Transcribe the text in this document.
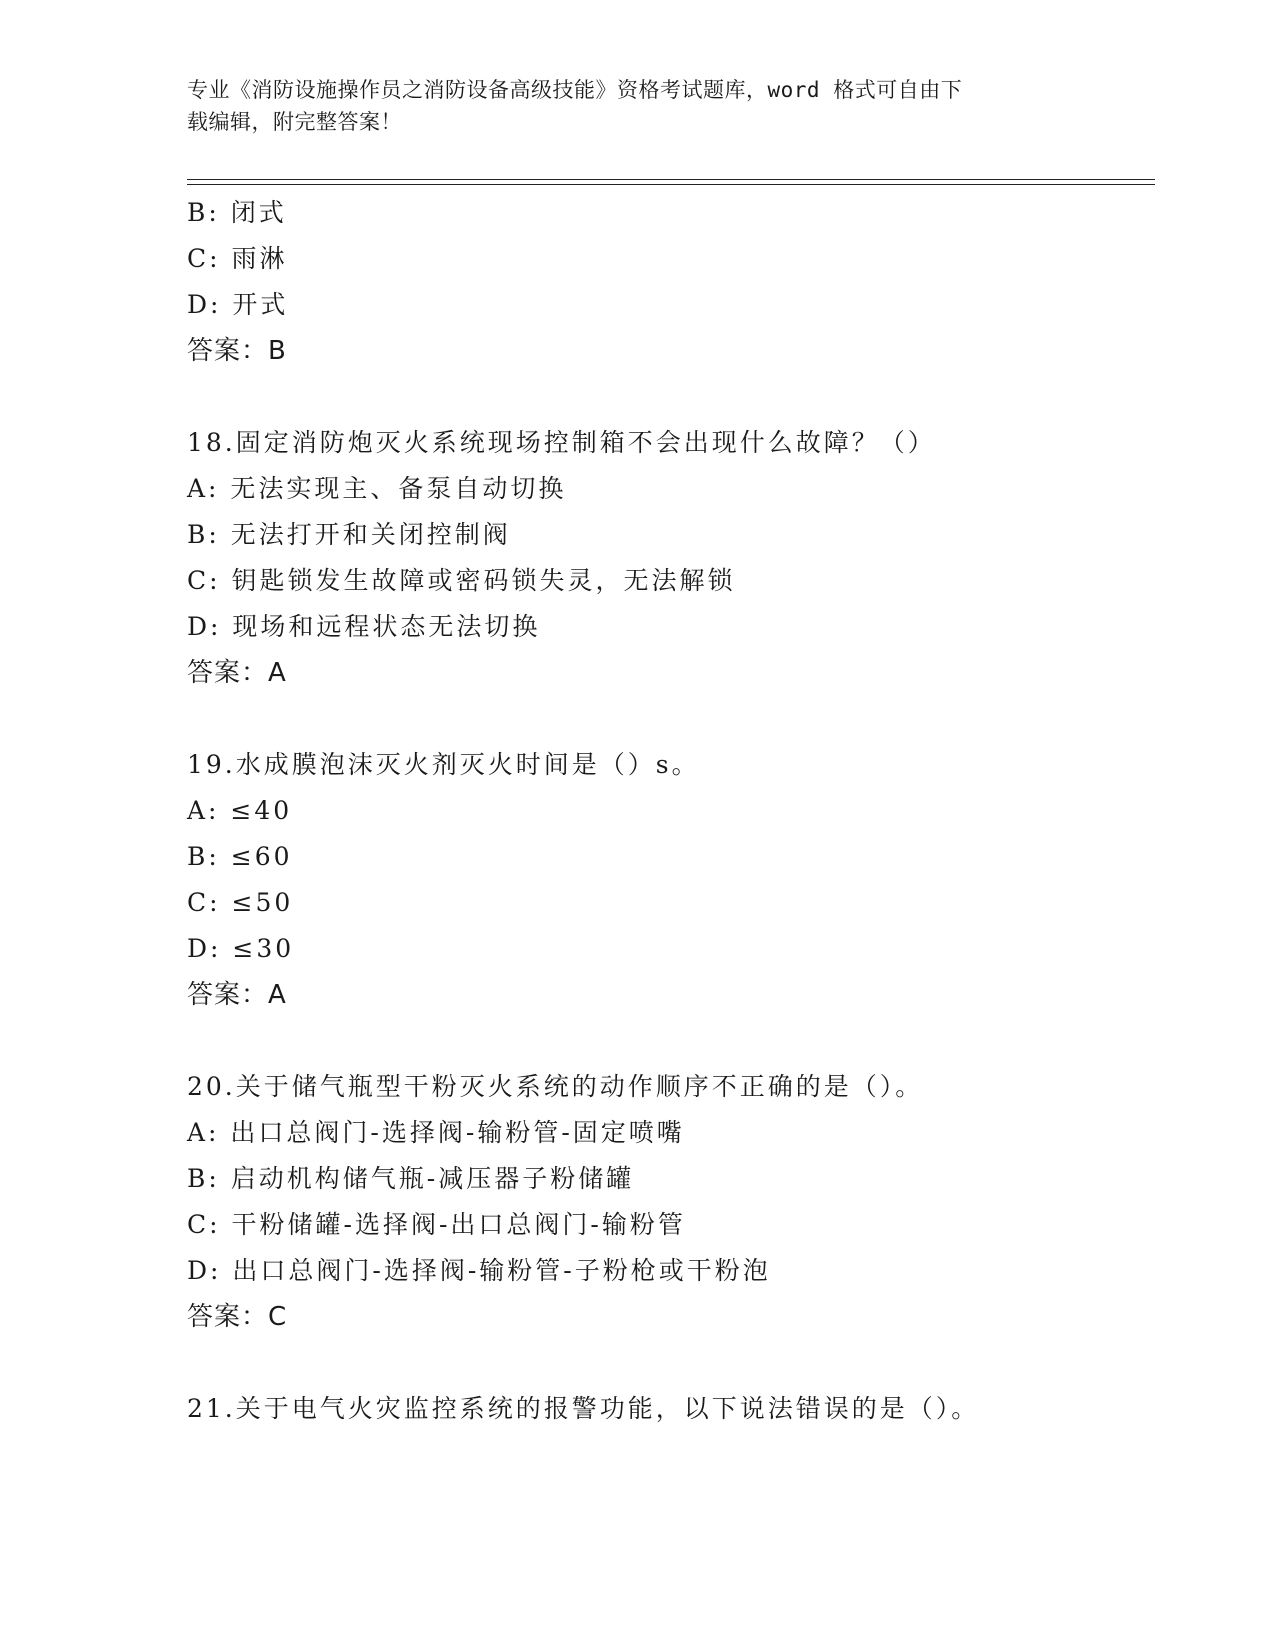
专业《消防设施操作员之消防设备高级技能》资格考试题库，word 格式可自由下
载编辑，附完整答案！
B: 闭式
C: 雨淋
D: 开式
答案：B
18.固定消防炮灭火系统现场控制箱不会出现什么故障？（）
A: 无法实现主、备泵自动切换
B: 无法打开和关闭控制阀
C: 钥匙锁发生故障或密码锁失灵，无法解锁
D: 现场和远程状态无法切换
答案：A
19.水成膜泡沫灭火剂灭火时间是（）s。
A: ≤40
B: ≤60
C: ≤50
D: ≤30
答案：A
20.关于储气瓶型干粉灭火系统的动作顺序不正确的是（）。
A: 出口总阀门-选择阀-输粉管-固定喷嘴
B: 启动机构储气瓶-减压器子粉储罐
C: 干粉储罐-选择阀-出口总阀门-输粉管
D: 出口总阀门-选择阀-输粉管-子粉枪或干粉泡
答案：C
21.关于电气火灾监控系统的报警功能，以下说法错误的是（）。
